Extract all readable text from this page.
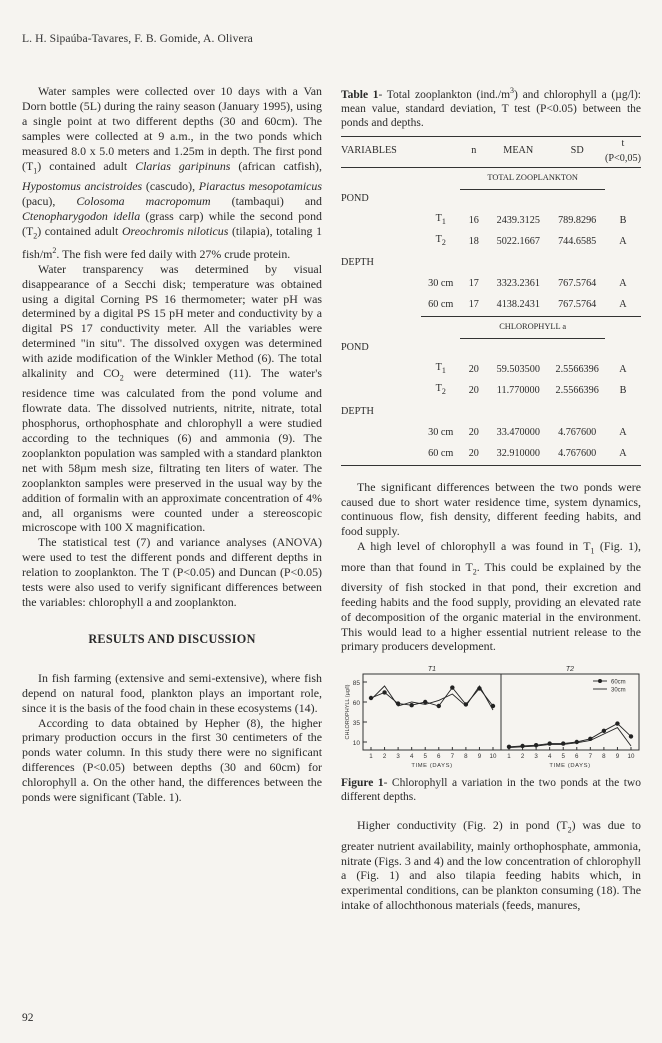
L. H. Sipaúba-Tavares, F. B. Gomide, A. Olivera

Water samples were collected over 10 days with a Van Dorn bottle (5L) during the rainy season (January 1995), using a single point at two different depths (30 and 60cm). The samples were collected at 9 a.m., in the two ponds which measured 8.0 x 5.0 meters and 1.25m in depth. The first pond $(T_1)$ contained adult Clarias garipinuns (african catfish), Hypostomus ancistroides (cascudo), Piaractus mesopotamicus (pacu), Colosoma macropomum (tambaqui) and Ctenopharygodon idella (grass carp) while the second pond $(T_2)$ contained adult Oreochromis niloticus (tilapia), totaling 1 fish/$m^2$. The fish were fed daily with 27% crude protein.

Water transparency was determined by visual disappearance of a Secchi disk; temperature was obtained using a digital Corning PS 16 thermometer; water pH was determined by a digital PS 15 pH meter and conductivity by a digital PS 17 conductivity meter. All the variables were determined "in situ". The dissolved oxygen was determined with azide modification of the Winkler Method (6). The total alkalinity and $CO_2$ were determined (11). The water's residence time was calculated from the pond volume and flowrate data. The dissolved nutrients, nitrite, nitrate, total phosphorus, orthophosphate and chlorophyll a were studied according to the techniques (6) and ammonia (9). The zooplankton population was sampled with a standard plankton net with 58µm mesh size, filtrating ten liters of water. The zooplankton samples were preserved in the usual way by the addition of formalin with an approximate concentration of 4% and, all organisms were counted under a stereoscopic microscope with 100 X magnification.

The statistical test (7) and variance analyses (ANOVA) were used to test the different ponds and different depths in relation to zooplankton. The T (P<0.05) and Duncan (P<0.05) tests were also used to verify significant differences between the variables: chlorophyll a and zooplankton.

RESULTS AND DISCUSSION

In fish farming (extensive and semi-extensive), where fish depend on natural food, plankton plays an important role, since it is the basis of the food chain in these ecosystems (14).

According to data obtained by Hepher (8), the higher primary production occurs in the first 30 centimeters of the ponds water column. In this study there were no significant differences (P<0.05) between depths (30 and 60cm) for chlorophyll a. On the other hand, the differences between the ponds were significant (Table. 1).

Table 1- Total zooplankton $(ind./m^3)$ and chlorophyll a (µg/l): mean value, standard deviation, T test (P<0.05) between the ponds and depths.
VARIABLES		n	MEAN	SD	t (P<0,05)
		TOTAL ZOOPLANKTON			
POND					
	$T_1$	16	2439.3125	789.8296	B
	$T_2$	18	5022.1667	744.6585	A
DEPTH					
	30 cm	17	3323.2361	767.5764	A
	60 cm	17	4138.2431	767.5764	A
		CHLOROPHYLL a			
POND					
	$T_1$	20	59.503500	2.5566396	A
	$T_2$	20	11.770000	2.5566396	B
DEPTH					
	30 cm	20	33.470000	4.767600	A
	60 cm	20	32.910000	4.767600	A

The significant differences between the two ponds were caused due to short water residence time, system dynamics, continuous flow, fish density, different feeding habits, and food supply.

A high level of chlorophyll a was found in $T_1$ (Fig. 1), more than that found in $T_2$. This could be explained by the diversity of fish stocked in that pond, their excretion and feeding habits and the food supply, providing an elevated rate of decomposition of the organic material in the environment. This would lead to a higher essential nutrient release to the primary producers development.

10
35
60
85
CHLOROPHYLL (µg/l)
T1
1 2 3 4 5 6 7 8 9 10
TIME (DAYS)
T2
1 2 3 4 5 6 7 8 9 10
TIME (DAYS)
60cm
30cm
Figure 1- Chlorophyll a variation in the two ponds at the two different depths.

Higher conductivity (Fig. 2) in pond $(T_2)$ was due to greater nutrient availability, mainly orthophosphate, ammonia, nitrate (Figs. 3 and 4) and the low concentration of chlorophyll a (Fig. 1) and also tilapia feeding habits which, in experimental conditions, can be plankton consuming (18). The intake of allochthonous materials (feeds, manures,

92
